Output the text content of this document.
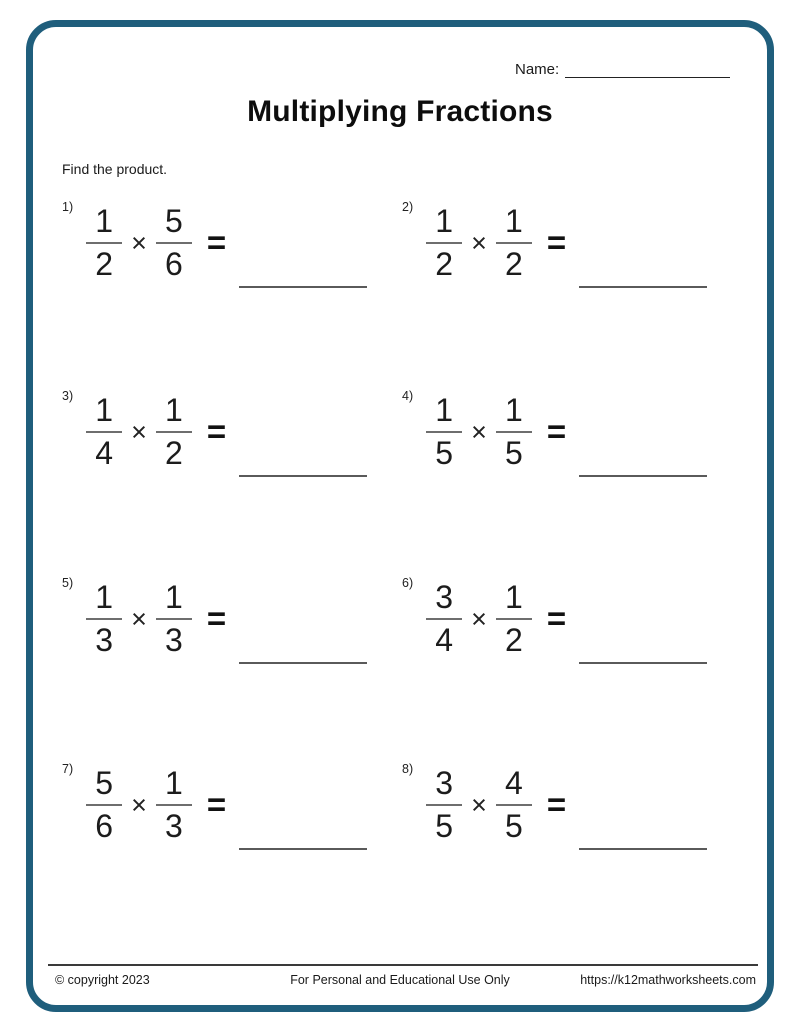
Name:
Multiplying Fractions
Find the product.
$1) \frac{1}{2} \times \frac{5}{6}$ =
$2) \frac{1}{2} \times \frac{1}{2}$ =
$3) \frac{1}{4} \times \frac{1}{2}$ =
$4) \frac{1}{5} \times \frac{1}{5}$ =
$5) \frac{1}{3} \times \frac{1}{3}$ =
$6) \frac{3}{4} \times \frac{1}{2}$ =
$7) \frac{5}{6} \times \frac{1}{3}$ =
$8) \frac{3}{5} \times \frac{4}{5}$ =
© copyright 2023	For Personal and Educational Use Only	https://k12mathworksheets.com
